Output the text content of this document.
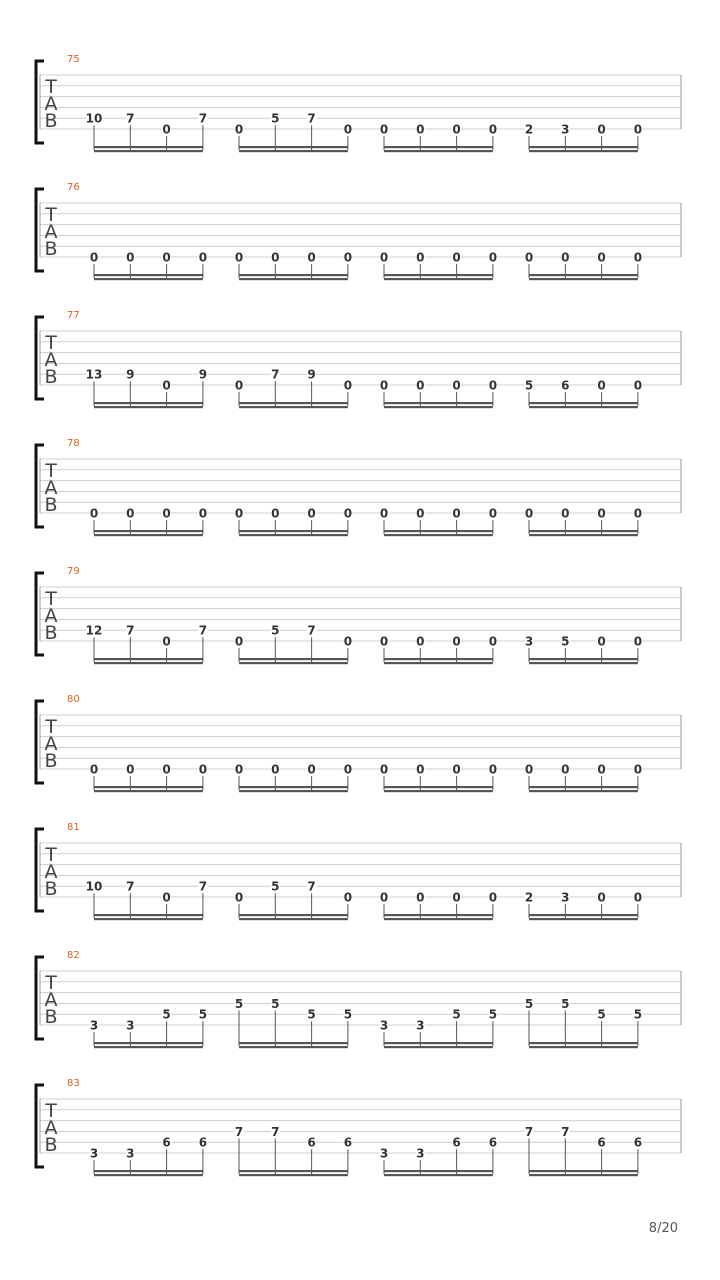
T
A
B
75
10 7
0
7
0
5 7
0 0 0 0 0 2 3 0 0
T
A
B
76
0 0 0 0 0 0 0 0 0 0 0 0 0 0 0 0
T
A
B
77
13 9
0
9
0
7 9
0 0 0 0 0 5 6 0 0
T
A
B
78
0 0 0 0 0 0 0 0 0 0 0 0 0 0 0 0
T
A
B
79
12 7
0
7
0
5 7
0 0 0 0 0 3 5 0 0
T
A
B
80
0 0 0 0 0 0 0 0 0 0 0 0 0 0 0 0
T
A
B
81
10 7
0
7
0
5 7
0 0 0 0 0 2 3 0 0
T
A
B
82
3 3
5 5
5 5
5 5
3 3
5 5
5 5
5 5
T
A
B
83
3 3
6 6
7 7
6 6
3 3
6 6
7 7
6 6

8/20
